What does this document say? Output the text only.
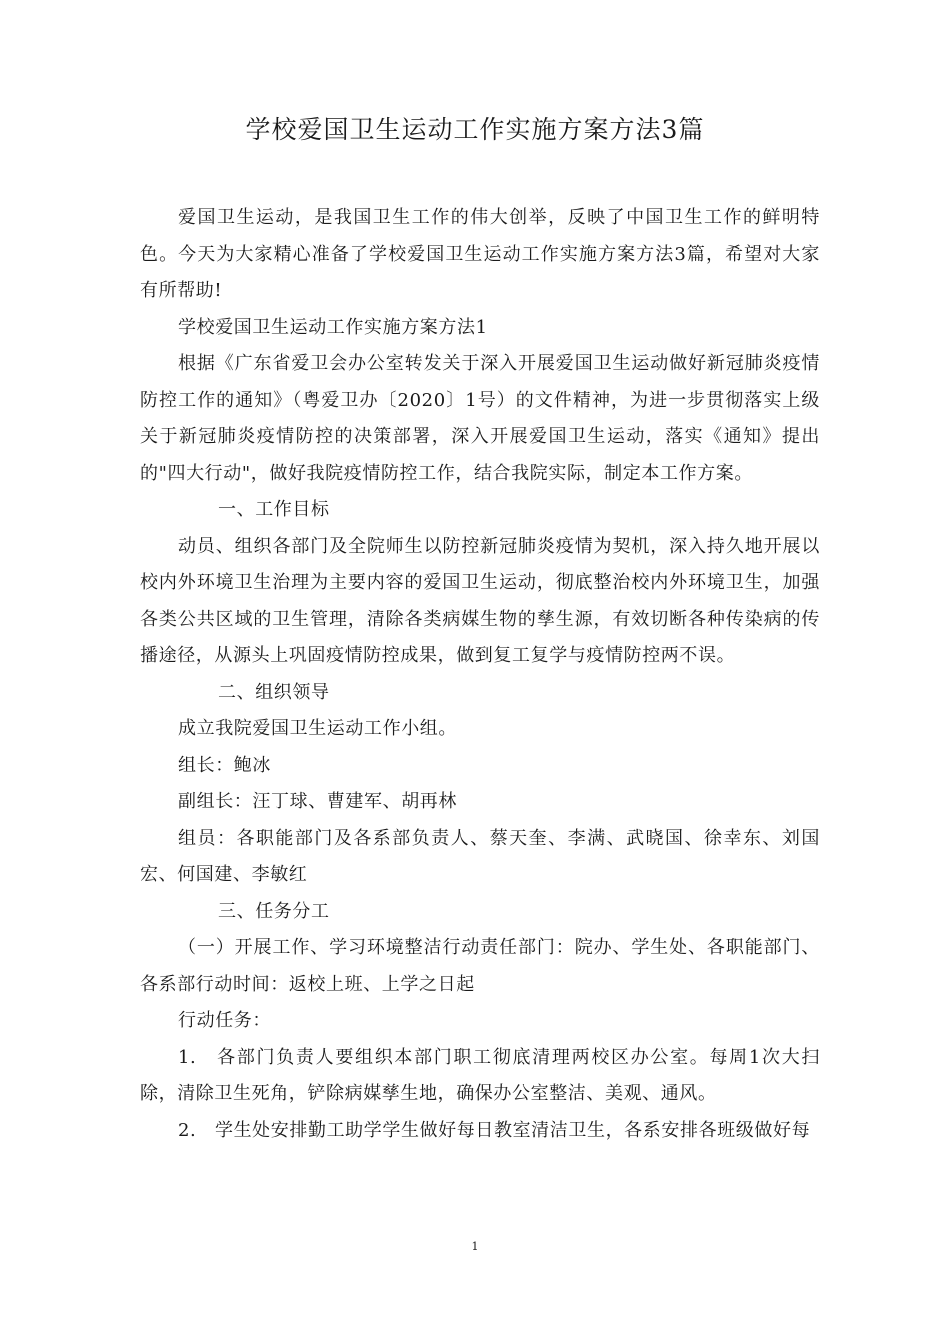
学校爱国卫生运动工作实施方案方法3篇

爱国卫生运动，是我国卫生工作的伟大创举，反映了中国卫生工作的鲜明特色。今天为大家精心准备了学校爱国卫生运动工作实施方案方法3篇，希望对大家有所帮助!

学校爱国卫生运动工作实施方案方法1

根据《广东省爱卫会办公室转发关于深入开展爱国卫生运动做好新冠肺炎疫情防控工作的通知》（粤爱卫办〔2020〕1号）的文件精神，为进一步贯彻落实上级关于新冠肺炎疫情防控的决策部署，深入开展爱国卫生运动，落实《通知》提出的"四大行动"，做好我院疫情防控工作，结合我院实际，制定本工作方案。

一、工作目标

动员、组织各部门及全院师生以防控新冠肺炎疫情为契机，深入持久地开展以校内外环境卫生治理为主要内容的爱国卫生运动，彻底整治校内外环境卫生，加强各类公共区域的卫生管理，清除各类病媒生物的孳生源，有效切断各种传染病的传播途径，从源头上巩固疫情防控成果，做到复工复学与疫情防控两不误。

二、组织领导

成立我院爱国卫生运动工作小组。

组长：鲍冰

副组长：汪丁球、曹建军、胡再林

组员：各职能部门及各系部负责人、蔡天奎、李满、武晓国、徐幸东、刘国宏、何国建、李敏红

三、任务分工

（一）开展工作、学习环境整洁行动责任部门：院办、学生处、各职能部门、各系部行动时间：返校上班、上学之日起

行动任务：

1.　各部门负责人要组织本部门职工彻底清理两校区办公室。每周1次大扫除，清除卫生死角，铲除病媒孳生地，确保办公室整洁、美观、通风。

2.　学生处安排勤工助学学生做好每日教室清洁卫生，各系安排各班级做好每

1
